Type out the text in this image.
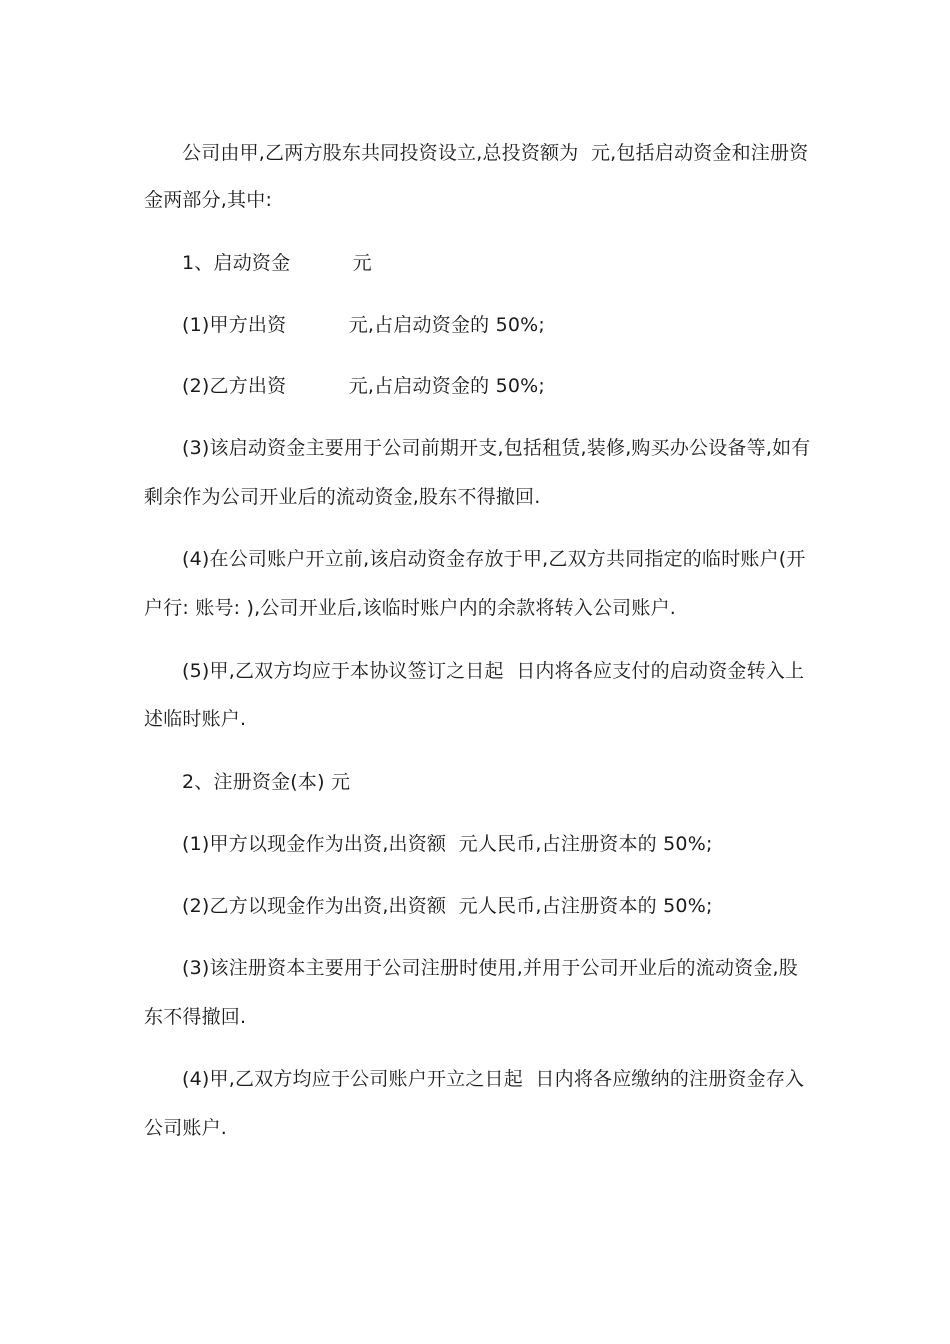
公司由甲,乙两方股东共同投资设立,总投资额为  元,包括启动资金和注册资
金两部分,其中:
1、启动资金          元
(1)甲方出资          元,占启动资金的 50%;
(2)乙方出资          元,占启动资金的 50%;
(3)该启动资金主要用于公司前期开支,包括租赁,装修,购买办公设备等,如有
剩余作为公司开业后的流动资金,股东不得撤回.
(4)在公司账户开立前,该启动资金存放于甲,乙双方共同指定的临时账户(开
户行: 账号: ),公司开业后,该临时账户内的余款将转入公司账户.
(5)甲,乙双方均应于本协议签订之日起  日内将各应支付的启动资金转入上
述临时账户.
2、注册资金(本) 元
(1)甲方以现金作为出资,出资额  元人民币,占注册资本的 50%;
(2)乙方以现金作为出资,出资额  元人民币,占注册资本的 50%;
(3)该注册资本主要用于公司注册时使用,并用于公司开业后的流动资金,股
东不得撤回.
(4)甲,乙双方均应于公司账户开立之日起  日内将各应缴纳的注册资金存入
公司账户.
